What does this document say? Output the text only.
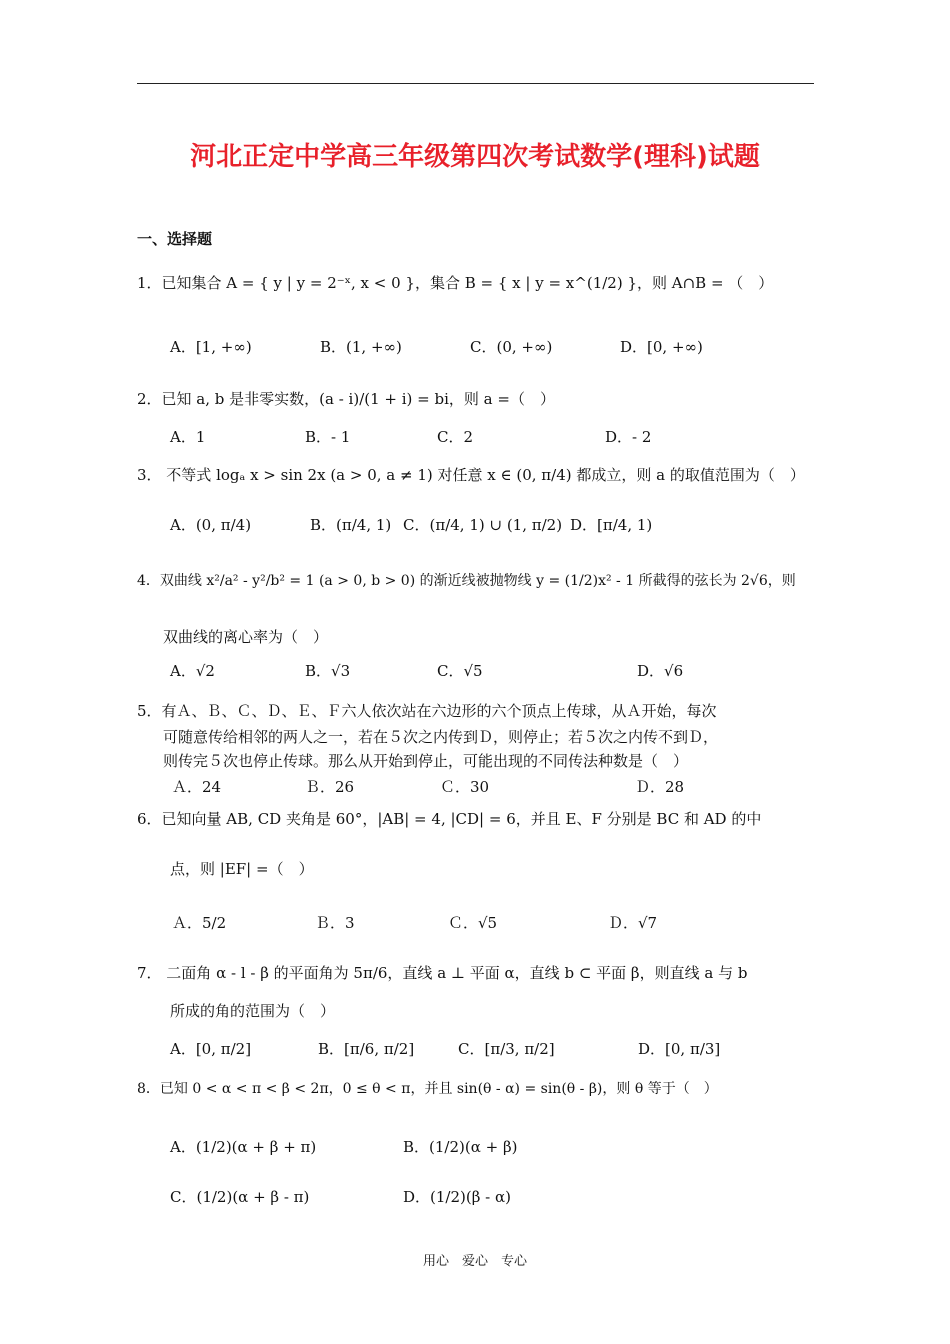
河北正定中学高三年级第四次考试数学(理科)试题
一、选择题
1．已知集合 A = { y | y = 2⁻ˣ, x < 0 }，集合 B = { x | y = x^(1/2) }，则 A∩B = （　）
A．[1, +∞)	B．(1, +∞)	C．(0, +∞)	D．[0, +∞)
2．已知 a, b 是非零实数，(a - i)/(1 + i) = bi，则 a =（　）
A．1	B．- 1	C．2	D．- 2
3． 不等式 logₐ x > sin 2x (a > 0, a ≠ 1) 对任意 x ∈ (0, π/4) 都成立，则 a 的取值范围为（　）
A．(0, π/4)	B．(π/4, 1) C．(π/4, 1) ∪ (1, π/2) D．[π/4, 1)
4．双曲线 x²/a² - y²/b² = 1 (a > 0, b > 0) 的渐近线被抛物线 y = (1/2)x² - 1 所截得的弦长为 2√6，则
双曲线的离心率为（　）
A．√2	B．√3	C．√5	D．√6
5．有Ａ、Ｂ、Ｃ、Ｄ、Ｅ、Ｆ六人依次站在六边形的六个顶点上传球，从Ａ开始，每次
可随意传给相邻的两人之一，若在５次之内传到Ｄ，则停止；若５次之内传不到Ｄ，
则传完５次也停止传球。那么从开始到停止，可能出现的不同传法种数是（　）
Ａ．24	Ｂ．26	Ｃ．30	Ｄ．28
6．已知向量 AB, CD 夹角是 60°，|AB| = 4, |CD| = 6，并且 E、F 分别是 BC 和 AD 的中
点，则 |EF| =（　）
Ａ．5/2	Ｂ．3	Ｃ．√5	Ｄ．√7
7． 二面角 α - l - β 的平面角为 5π/6，直线 a ⊥ 平面 α，直线 b ⊂ 平面 β，则直线 a 与 b
所成的角的范围为（　）
A．[0, π/2]	B．[π/6, π/2]	C．[π/3, π/2]	D．[0, π/3]
8．已知 0 < α < π < β < 2π，0 ≤ θ < π，并且 sin(θ - α) = sin(θ - β)，则 θ 等于（　）
A．(1/2)(α + β + π)	B．(1/2)(α + β)
C．(1/2)(α + β - π)	D．(1/2)(β - α)
用心　爱心　专心
